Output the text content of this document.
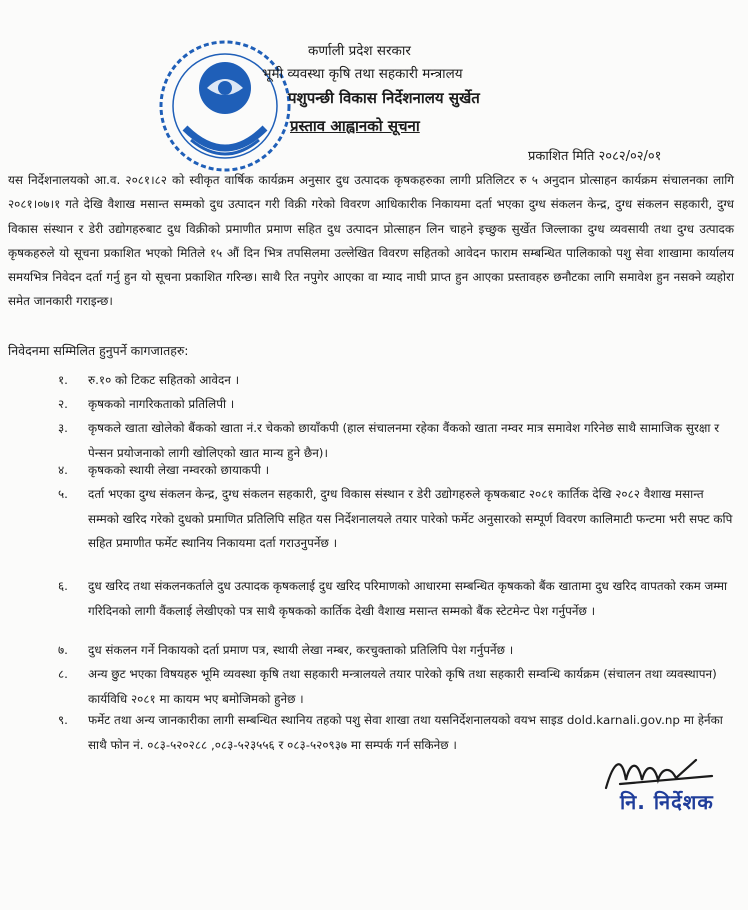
कर्णाली प्रदेश सरकार
भूमी व्यवस्था कृषि तथा सहकारी मन्त्रालय
पशुपन्छी विकास निर्देशनालय सुर्खेत
प्रस्ताव आह्वानको सूचना
प्रकाशित मिति २०८२/०२/०१
यस निर्देशनालयको आ.व. २०८१।८२ को स्वीकृत वार्षिक कार्यक्रम अनुसार दुध उत्पादक कृषकहरुका लागी प्रतिलिटर रु ५ अनुदान प्रोत्साहन कार्यक्रम संचालनका लागि २०८१।०७।१ गते देखि वैशाख मसान्त सम्मको दुध उत्पादन गरी विक्री गरेको विवरण आधिकारीक निकायमा दर्ता भएका दुग्ध संकलन केन्द्र, दुग्ध संकलन सहकारी, दुग्ध विकास संस्थान र डेरी उद्योगहरुबाट दुध विक्रीको प्रमाणीत प्रमाण सहित दुध उत्पादन प्रोत्साहन लिन चाहने इच्छुक सुर्खेत जिल्लाका दुग्ध व्यवसायी तथा दुग्ध उत्पादक कृषकहरुले यो सूचना प्रकाशित भएको मितिले १५ औं दिन भित्र तपसिलमा उल्लेखित विवरण सहितको आवेदन फाराम सम्बन्धित पालिकाको पशु सेवा शाखामा कार्यालय समयभित्र निवेदन दर्ता गर्नु हुन यो सूचना प्रकाशित गरिन्छ। साथै रित नपुगेर आएका वा म्याद नाघी प्राप्त हुन आएका प्रस्तावहरु छनौटका लागि समावेश हुन नसक्ने व्यहोरा समेत जानकारी गराइन्छ।
निवेदनमा सम्मिलित हुनुपर्ने कागजातहरु:
१.	रु.१० को टिकट सहितको आवेदन ।
२.	कृषकको नागरिकताको प्रतिलिपी ।
३.	कृषकले खाता खोलेको बैंकको खाता नं.र चेकको छायाँकपी (हाल संचालनमा रहेका वैंकको खाता नम्वर मात्र समावेश गरिनेछ साथै सामाजिक सुरक्षा र पेन्सन प्रयोजनाको लागी खोलिएको खात मान्य हुने छैन)।
४.	कृषकको स्थायी लेखा नम्वरको छायाकपी ।
५.	दर्ता भएका दुग्ध संकलन केन्द्र, दुग्ध संकलन सहकारी, दुग्ध विकास संस्थान र डेरी उद्योगहरुले कृषकबाट २०८१ कार्तिक देखि २०८२ वैशाख मसान्त सम्मको खरिद गरेको दुधको प्रमाणित प्रतिलिपि सहित यस निर्देशनालयले तयार पारेको फर्मेट अनुसारको सम्पूर्ण विवरण कालिमाटी फन्टमा भरी सफ्ट कपि सहित प्रमाणीत फर्मेट स्थानिय निकायमा दर्ता गराउनुपर्नेछ ।
६.	दुध खरिद तथा संकलनकर्ताले दुध उत्पादक कृषकलाई दुध खरिद परिमाणको आधारमा सम्बन्धित कृषकको बैंक खातामा दुध खरिद वापतको रकम जम्मा गरिदिनको लागी वैंकलाई लेखीएको पत्र साथै कृषकको कार्तिक देखी वैशाख मसान्त सम्मको बैंक स्टेटमेन्ट पेश गर्नुपर्नेछ ।
७.	दुध संकलन गर्ने निकायको दर्ता प्रमाण पत्र, स्थायी लेखा नम्बर, करचुक्ताको प्रतिलिपि पेश गर्नुपर्नेछ ।
८.	अन्य छुट भएका विषयहरु भूमि व्यवस्था कृषि तथा सहकारी मन्त्रालयले तयार पारेको कृषि तथा सहकारी सम्वन्धि कार्यक्रम (संचालन तथा व्यवस्थापन) कार्यविधि २०८१ मा कायम भए बमोजिमको हुनेछ ।
९.	फर्मेट तथा अन्य जानकारीका लागी सम्बन्धित स्थानिय तहको पशु सेवा शाखा तथा यसनिर्देशनालयको वयभ साइड dold.karnali.gov.np मा हेर्नका साथै फोन नं. ०८३-५२०२८८ ,०८३-५२३५५६ र ०८३-५२०९३७ मा सम्पर्क गर्न सकिनेछ ।
नि. निर्देशक
